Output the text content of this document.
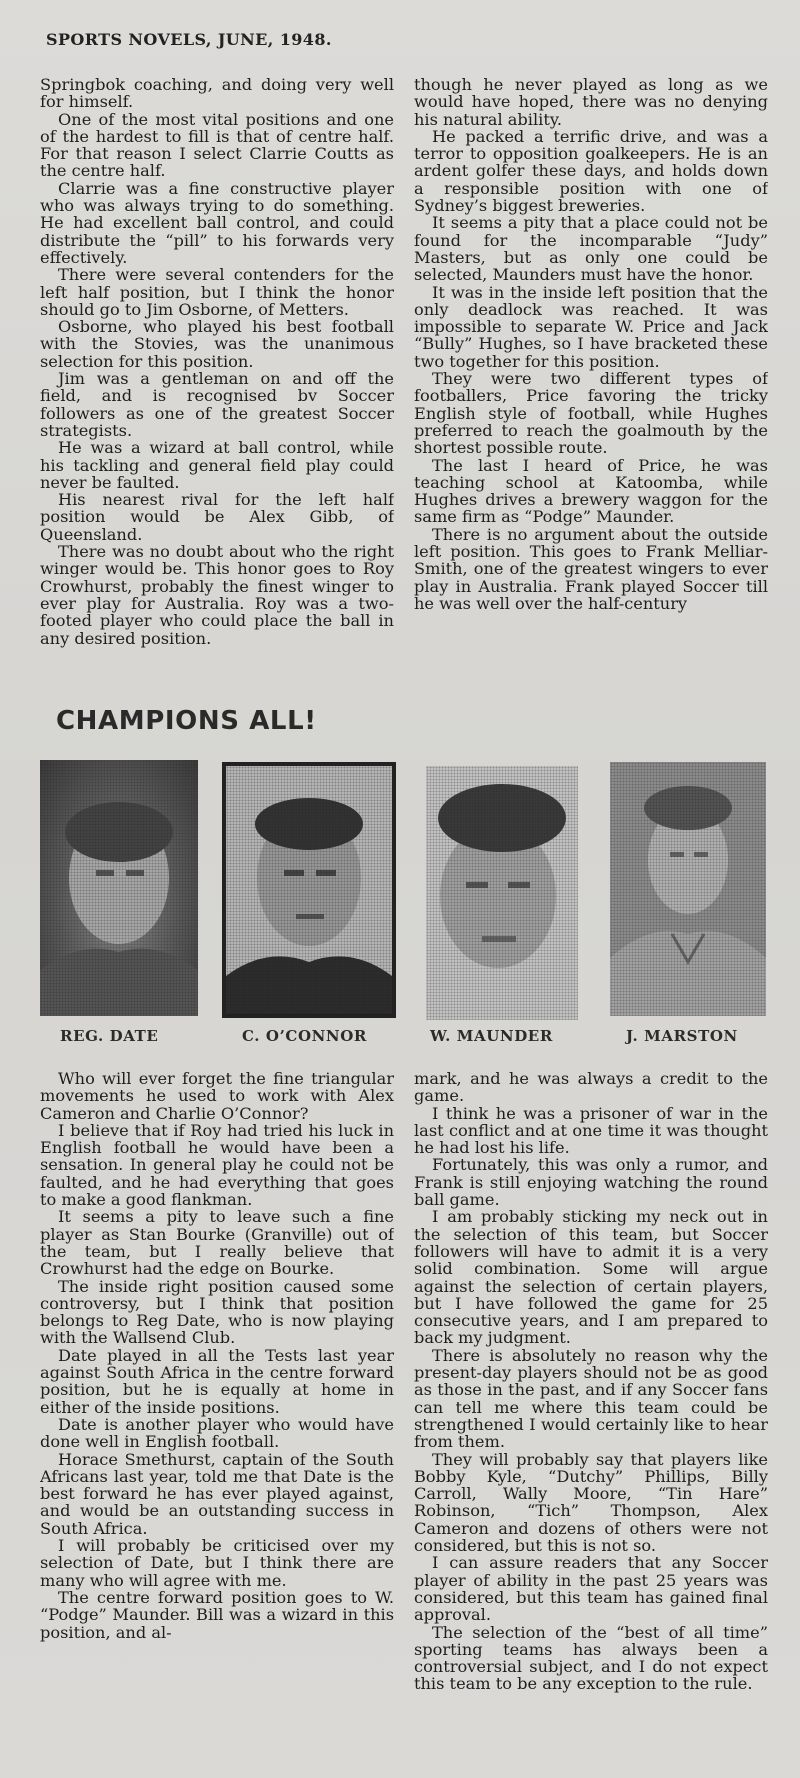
SPORTS NOVELS, JUNE, 1948.

Springbok coaching, and doing very well for himself.

One of the most vital positions and one of the hardest to fill is that of centre half. For that reason I select Clarrie Coutts as the centre half.

Clarrie was a fine constructive player who was always trying to do something. He had excellent ball control, and could distribute the “pill” to his forwards very effectively.

There were several contenders for the left half position, but I think the honor should go to Jim Osborne, of Metters.

Osborne, who played his best football with the Stovies, was the unanimous selection for this position.

Jim was a gentleman on and off the field, and is recognised bv Soccer followers as one of the greatest Soccer strategists.

He was a wizard at ball control, while his tackling and general field play could never be faulted.

His nearest rival for the left half position would be Alex Gibb, of Queensland.

There was no doubt about who the right winger would be. This honor goes to Roy Crowhurst, probably the finest winger to ever play for Australia. Roy was a two-footed player who could place the ball in any desired position.

though he never played as long as we would have hoped, there was no denying his natural ability.

He packed a terrific drive, and was a terror to opposition goalkeepers. He is an ardent golfer these days, and holds down a responsible position with one of Sydney’s biggest breweries.

It seems a pity that a place could not be found for the incomparable “Judy” Masters, but as only one could be selected, Maunders must have the honor.

It was in the inside left position that the only deadlock was reached. It was impossible to separate W. Price and Jack “Bully” Hughes, so I have bracketed these two together for this position.

They were two different types of footballers, Price favoring the tricky English style of football, while Hughes preferred to reach the goalmouth by the shortest possible route.

The last I heard of Price, he was teaching school at Katoomba, while Hughes drives a brewery waggon for the same firm as “Podge” Maunder.

There is no argument about the outside left position. This goes to Frank Melliar-Smith, one of the greatest wingers to ever play in Australia. Frank played Soccer till he was well over the half-century

CHAMPIONS ALL!
REG. DATE	C. O’CONNOR	W. MAUNDER	J. MARSTON

Who will ever forget the fine triangular movements he used to work with Alex Cameron and Charlie O’Connor?

I believe that if Roy had tried his luck in English football he would have been a sensation. In general play he could not be faulted, and he had everything that goes to make a good flankman.

It seems a pity to leave such a fine player as Stan Bourke (Granville) out of the team, but I really believe that Crowhurst had the edge on Bourke.

The inside right position caused some controversy, but I think that position belongs to Reg Date, who is now playing with the Wallsend Club.

Date played in all the Tests last year against South Africa in the centre forward position, but he is equally at home in either of the inside positions.

Date is another player who would have done well in English football.

Horace Smethurst, captain of the South Africans last year, told me that Date is the best forward he has ever played against, and would be an outstanding success in South Africa.

I will probably be criticised over my selection of Date, but I think there are many who will agree with me.

The centre forward position goes to W. “Podge” Maunder. Bill was a wizard in this position, and al-

mark, and he was always a credit to the game.

I think he was a prisoner of war in the last conflict and at one time it was thought he had lost his life.

Fortunately, this was only a rumor, and Frank is still enjoying watching the round ball game.

I am probably sticking my neck out in the selection of this team, but Soccer followers will have to admit it is a very solid combination. Some will argue against the selection of certain players, but I have followed the game for 25 consecutive years, and I am prepared to back my judgment.

There is absolutely no reason why the present-day players should not be as good as those in the past, and if any Soccer fans can tell me where this team could be strengthened I would certainly like to hear from them.

They will probably say that players like Bobby Kyle, “Dutchy” Phillips, Billy Carroll, Wally Moore, “Tin Hare” Robinson, “Tich” Thompson, Alex Cameron and dozens of others were not considered, but this is not so.

I can assure readers that any Soccer player of ability in the past 25 years was considered, but this team has gained final approval.

The selection of the “best of all time” sporting teams has always been a controversial subject, and I do not expect this team to be any exception to the rule.
